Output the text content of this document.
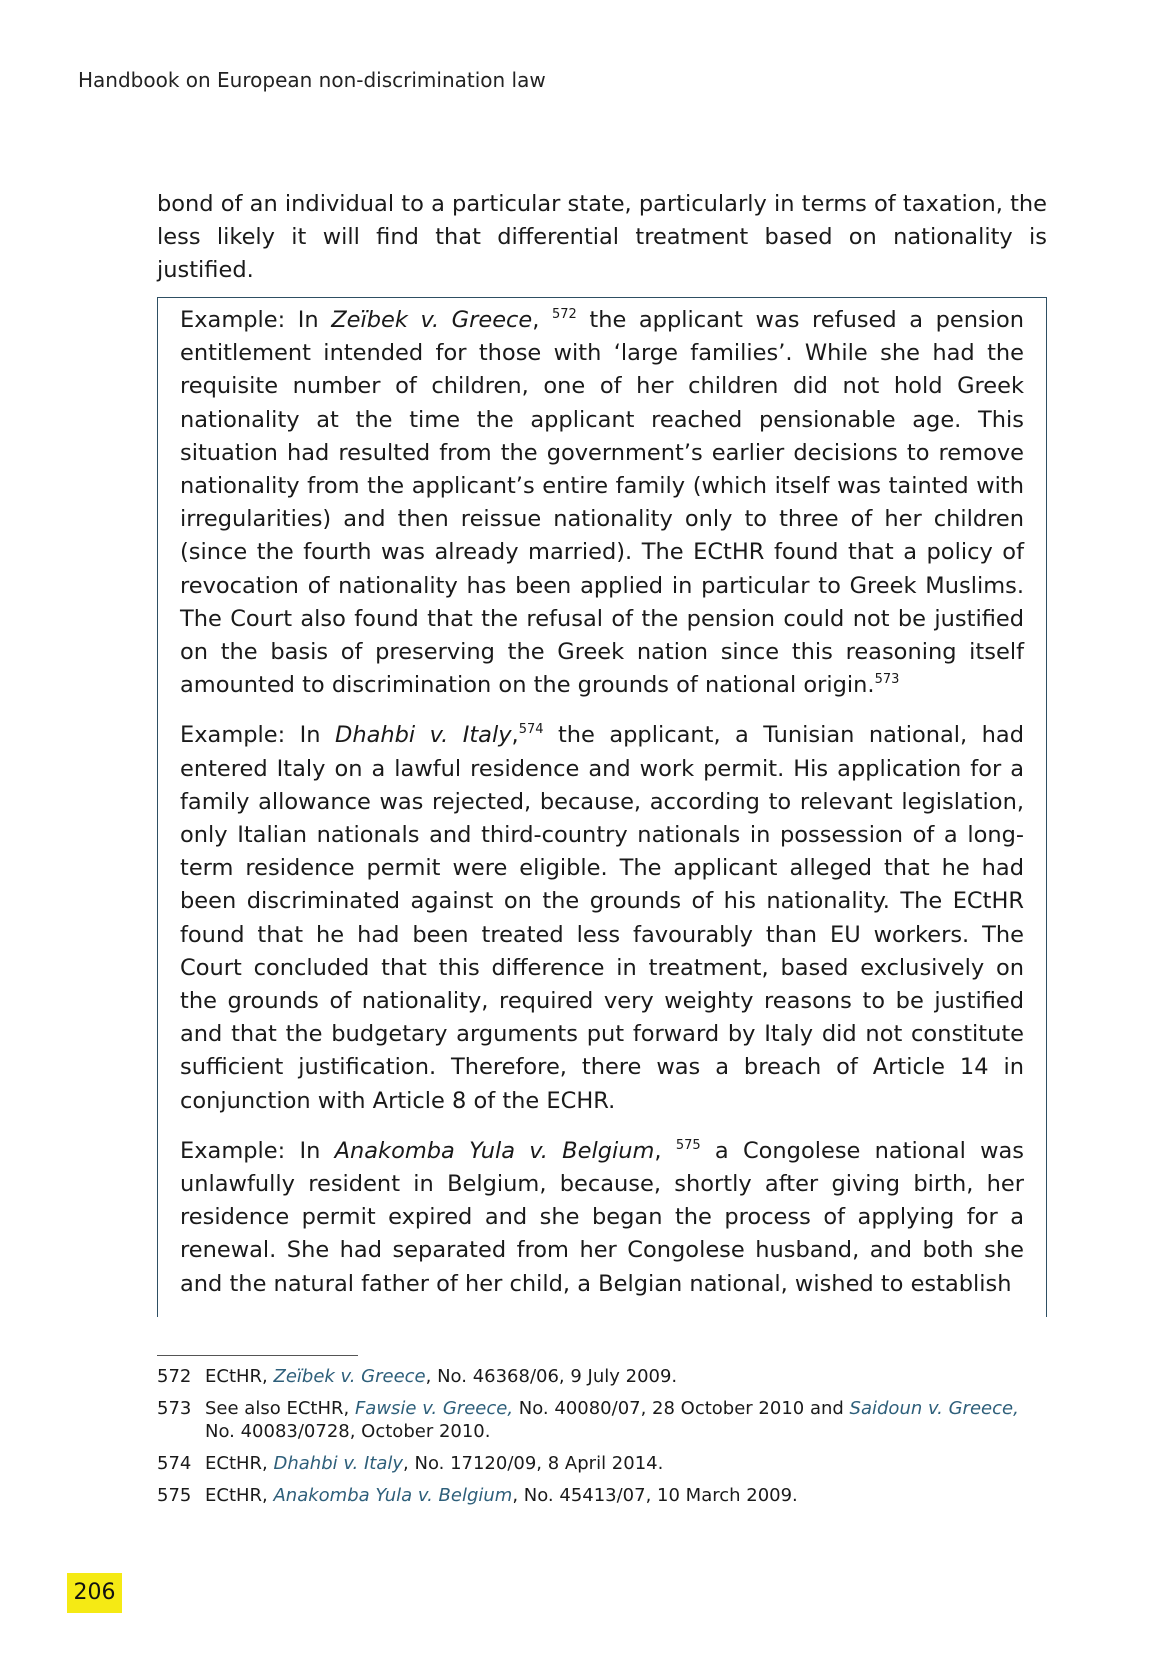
Handbook on European non-discrimination law

bond of an individual to a particular state, particularly in terms of taxation, the less likely it will find that differential treatment based on nationality is justified.

Example: In Zeïbek v. Greece, $^{572}$ the applicant was refused a pension entitlement intended for those with ‘large families’. While she had the requisite number of children, one of her children did not hold Greek nationality at the time the applicant reached pensionable age. This situation had resulted from the government’s earlier decisions to remove nationality from the applicant’s entire family (which itself was tainted with irregularities) and then reissue nationality only to three of her children (since the fourth was already married). The ECtHR found that a policy of revocation of nationality has been applied in particular to Greek Muslims. The Court also found that the refusal of the pension could not be justified on the basis of preserving the Greek nation since this reasoning itself amounted to discrimination on the grounds of national origin.$^{573}$

Example: In Dhahbi v. Italy,$^{574}$ the applicant, a Tunisian national, had entered Italy on a lawful residence and work permit. His application for a family allowance was rejected, because, according to relevant legislation, only Italian nationals and third-country nationals in possession of a long-term residence permit were eligible. The applicant alleged that he had been discriminated against on the grounds of his nationality. The ECtHR found that he had been treated less favourably than EU workers. The Court concluded that this difference in treatment, based exclusively on the grounds of nationality, required very weighty reasons to be justified and that the budgetary arguments put forward by Italy did not constitute sufficient justification. Therefore, there was a breach of Article 14 in conjunction with Article 8 of the ECHR.

Example: In Anakomba Yula v. Belgium, $^{575}$ a Congolese national was unlawfully resident in Belgium, because, shortly after giving birth, her residence permit expired and she began the process of applying for a renewal. She had separated from her Congolese husband, and both she and the natural father of her child, a Belgian national, wished to establish

572 ECtHR, Zeïbek v. Greece, No. 46368/06, 9 July 2009.
573 See also ECtHR, Fawsie v. Greece, No. 40080/07, 28 October 2010 and Saidoun v. Greece, No. 40083/0728, October 2010.
574 ECtHR, Dhahbi v. Italy, No. 17120/09, 8 April 2014.
575 ECtHR, Anakomba Yula v. Belgium, No. 45413/07, 10 March 2009.
206
